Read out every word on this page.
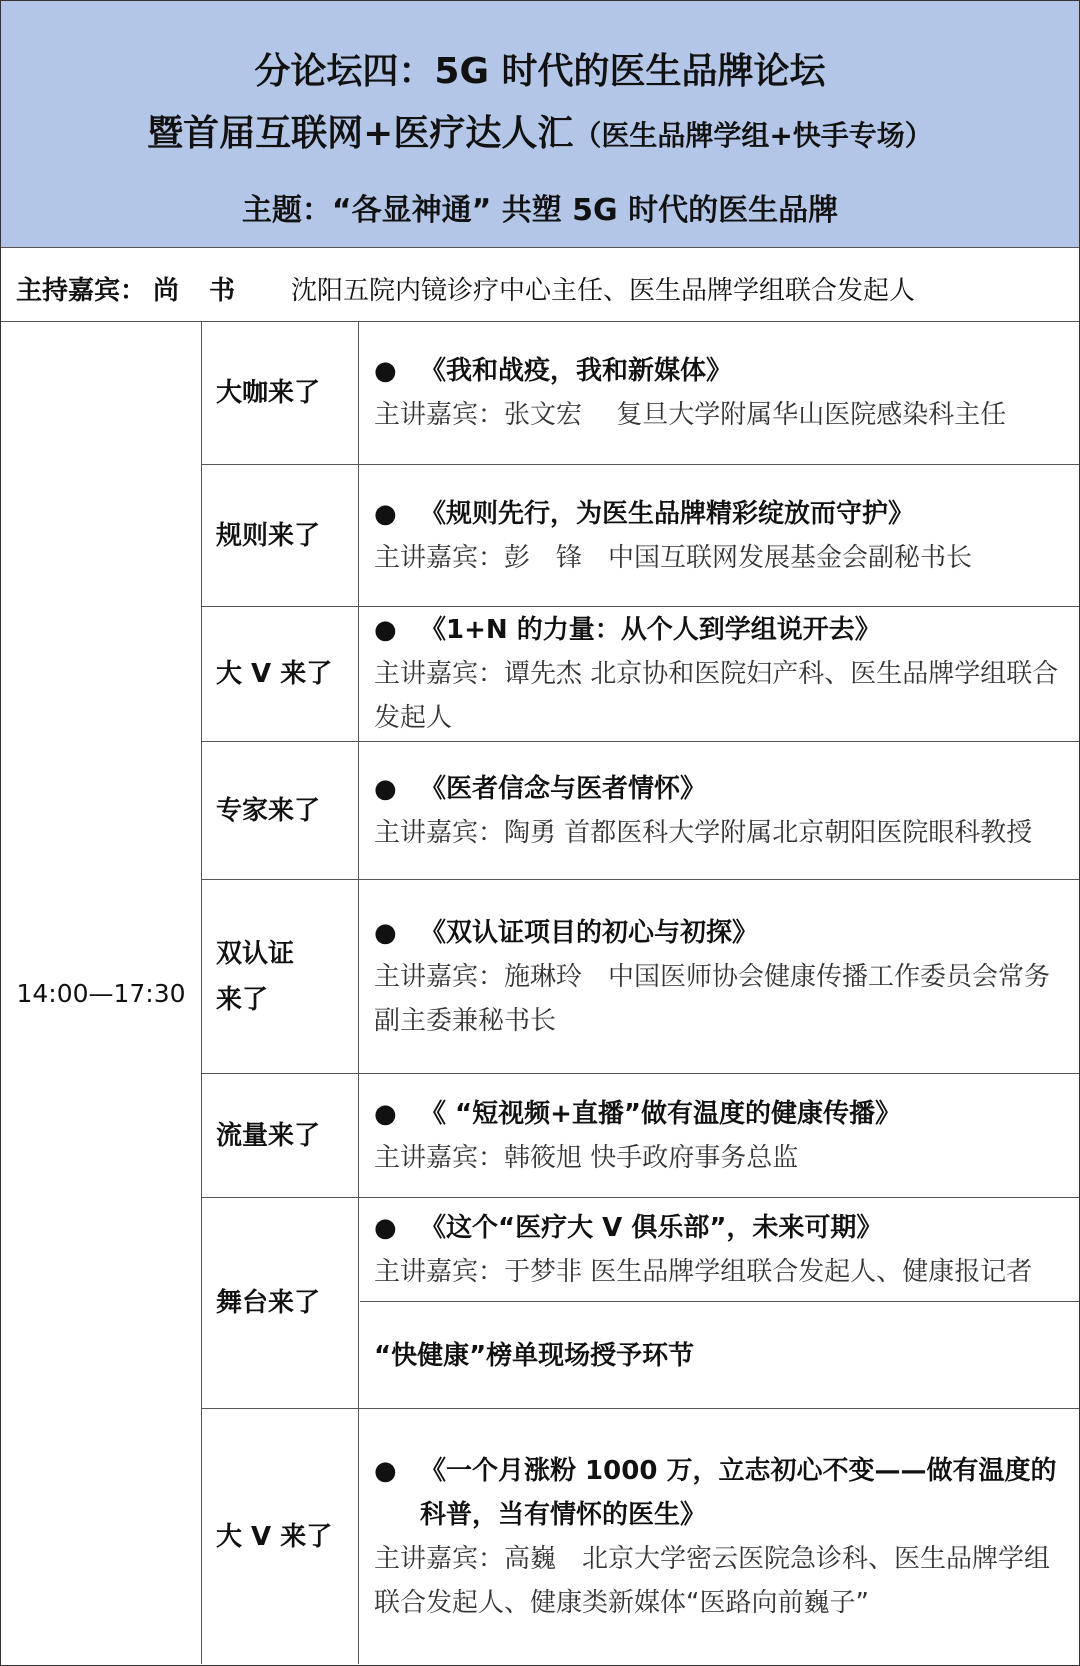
分论坛四：5G 时代的医生品牌论坛
暨首届互联网+医疗达人汇（医生品牌学组+快手专场）
主题：“各显神通” 共塑 5G 时代的医生品牌
主持嘉宾： 尚书 沈阳五院内镜诊疗中心主任、医生品牌学组联合发起人
14:00—17:30
大咖来了
● 《我和战疫，我和新媒体》
主讲嘉宾：张文宏　 复旦大学附属华山医院感染科主任
规则来了
● 《规则先行，为医生品牌精彩绽放而守护》
主讲嘉宾：彭　锋　中国互联网发展基金会副秘书长
大 V 来了
● 《1+N 的力量：从个人到学组说开去》
主讲嘉宾：谭先杰 北京协和医院妇产科、医生品牌学组联合发起人
专家来了
● 《医者信念与医者情怀》
主讲嘉宾：陶勇 首都医科大学附属北京朝阳医院眼科教授
双认证来了
● 《双认证项目的初心与初探》
主讲嘉宾：施琳玲　中国医师协会健康传播工作委员会常务副主委兼秘书长
流量来了
● 《 “短视频+直播”做有温度的健康传播》
主讲嘉宾：韩筱旭 快手政府事务总监
舞台来了
● 《这个“医疗大 V 俱乐部”，未来可期》
主讲嘉宾：于梦非 医生品牌学组联合发起人、健康报记者
“快健康”榜单现场授予环节
大 V 来了
● 《一个月涨粉 1000 万，立志初心不变——做有温度的科普，当有情怀的医生》
主讲嘉宾：高巍　北京大学密云医院急诊科、医生品牌学组联合发起人、健康类新媒体“医路向前巍子”
